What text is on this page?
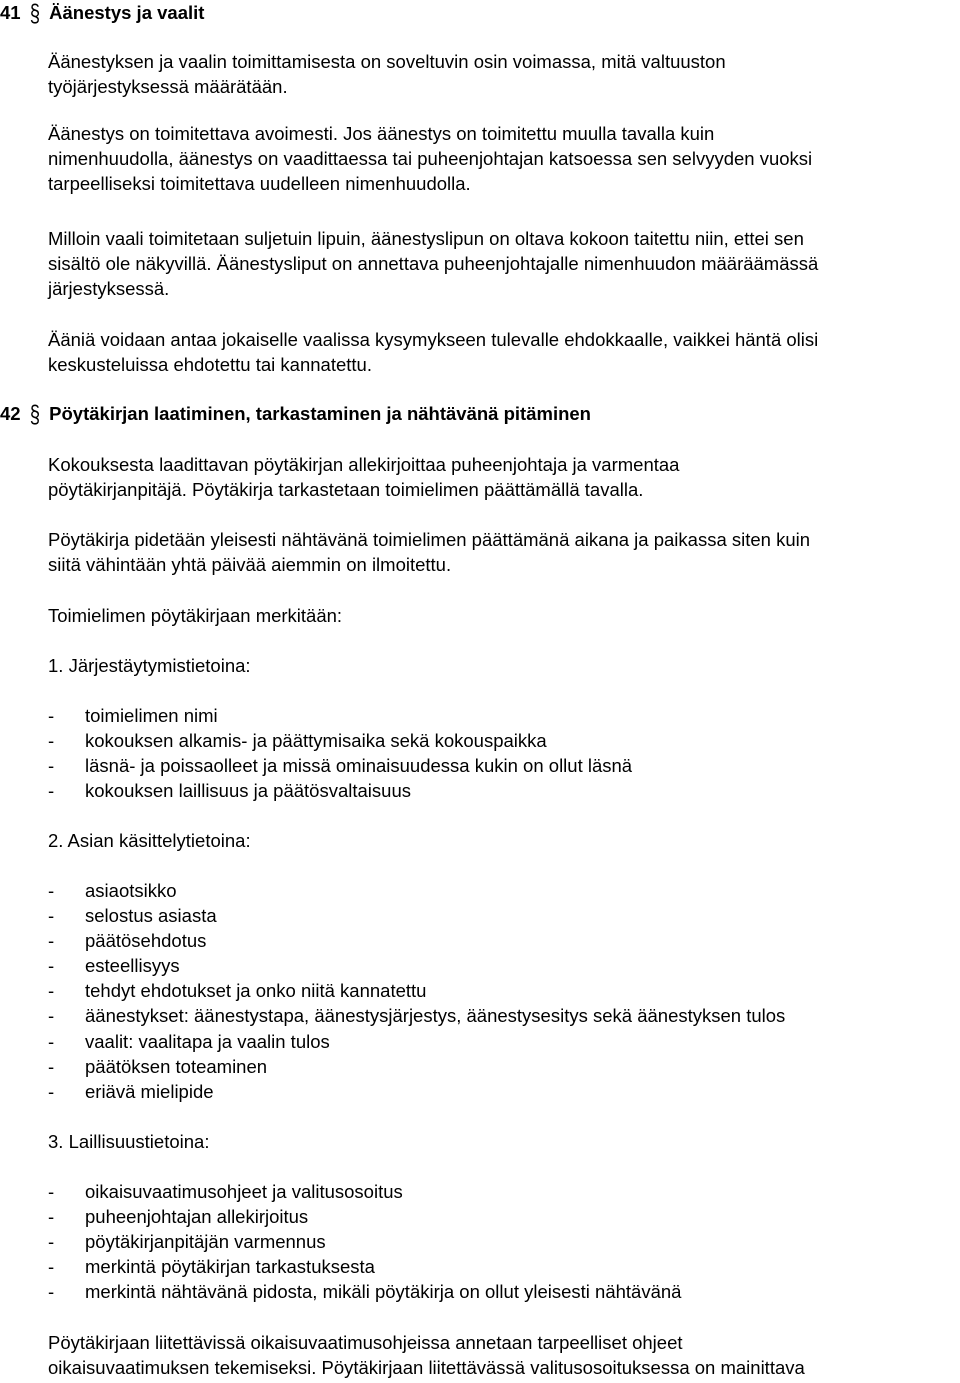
41 § Äänestys ja vaalit

Äänestyksen ja vaalin toimittamisesta on soveltuvin osin voimassa, mitä valtuuston
työjärjestyksessä määrätään.

Äänestys on toimitettava avoimesti. Jos äänestys on toimitettu muulla tavalla kuin
nimenhuudolla, äänestys on vaadittaessa tai puheenjohtajan katsoessa sen selvyyden vuoksi
tarpeelliseksi toimitettava uudelleen nimenhuudolla.

Milloin vaali toimitetaan suljetuin lipuin, äänestyslipun on oltava kokoon taitettu niin, ettei sen
sisältö ole näkyvillä. Äänestysliput on annettava puheenjohtajalle nimenhuudon määräämässä
järjestyksessä.

Ääniä voidaan antaa jokaiselle vaalissa kysymykseen tulevalle ehdokkaalle, vaikkei häntä olisi
keskusteluissa ehdotettu tai kannatettu.

42 § Pöytäkirjan laatiminen, tarkastaminen ja nähtävänä pitäminen

Kokouksesta laadittavan pöytäkirjan allekirjoittaa puheenjohtaja ja varmentaa
pöytäkirjanpitäjä. Pöytäkirja tarkastetaan toimielimen päättämällä tavalla.

Pöytäkirja pidetään yleisesti nähtävänä toimielimen päättämänä aikana ja paikassa siten kuin
siitä vähintään yhtä päivää aiemmin on ilmoitettu.

Toimielimen pöytäkirjaan merkitään:

1. Järjestäytymistietoina:

- toimielimen nimi
- kokouksen alkamis- ja päättymisaika sekä kokouspaikka
- läsnä- ja poissaolleet ja missä ominaisuudessa kukin on ollut läsnä
- kokouksen laillisuus ja päätösvaltaisuus

2. Asian käsittelytietoina:

- asiaotsikko
- selostus asiasta
- päätösehdotus
- esteellisyys
- tehdyt ehdotukset ja onko niitä kannatettu
- äänestykset: äänestystapa, äänestysjärjestys, äänestysesitys sekä äänestyksen tulos
- vaalit: vaalitapa ja vaalin tulos
- päätöksen toteaminen
- eriävä mielipide

3. Laillisuustietoina:

- oikaisuvaatimusohjeet ja valitusosoitus
- puheenjohtajan allekirjoitus
- pöytäkirjanpitäjän varmennus
- merkintä pöytäkirjan tarkastuksesta
- merkintä nähtävänä pidosta, mikäli pöytäkirja on ollut yleisesti nähtävänä

Pöytäkirjaan liitettävissä oikaisuvaatimusohjeissa annetaan tarpeelliset ohjeet
oikaisuvaatimuksen tekemiseksi. Pöytäkirjaan liitettävässä valitusosoituksessa on mainittava
